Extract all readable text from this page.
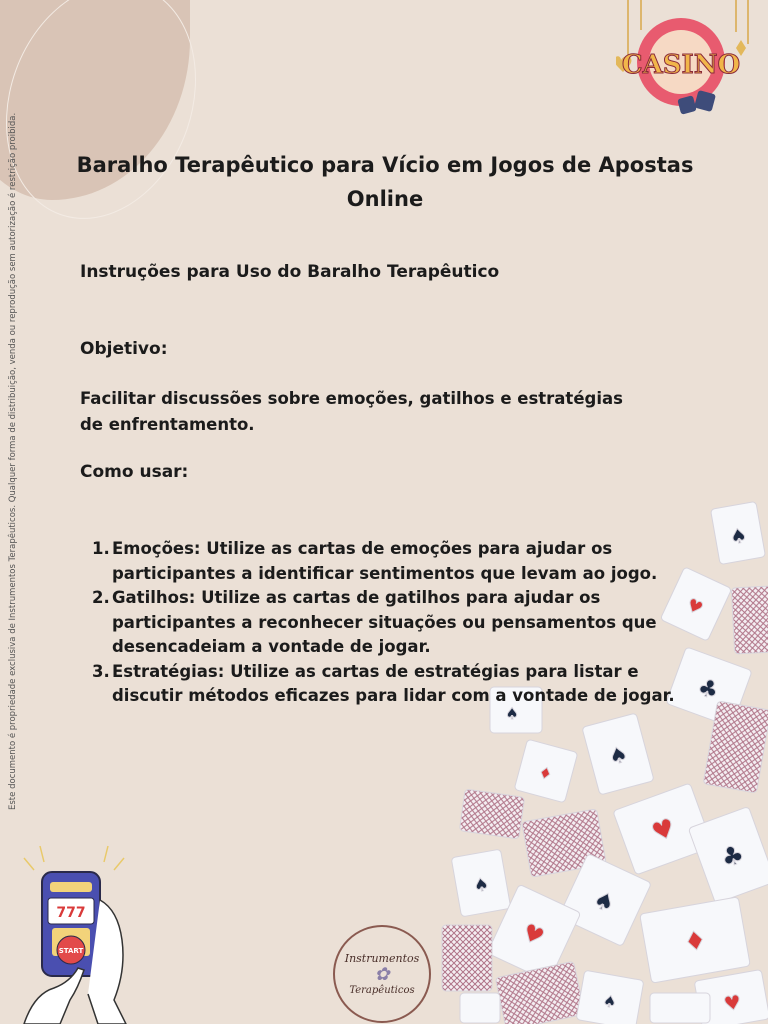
Este documento é propriedade exclusiva de Instrumentos Terapêuticos. Qualquer forma de distribuição, venda ou reprodução sem autorização é restrição proibida.
CASINO
Baralho Terapêutico para Vício em Jogos de Apostas Online
Instruções para Uso do Baralho Terapêutico
Objetivo:
Facilitar discussões sobre emoções, gatilhos e estratégias de enfrentamento.
Como usar:
♠
♥
♣
♠
♠
♦
♥
♣
♠	♠
♥	♦
♠	♥
1. Emoções: Utilize as cartas de emoções para ajudar os participantes a identificar sentimentos que levam ao jogo.
2. Gatilhos: Utilize as cartas de gatilhos para ajudar os participantes a reconhecer situações ou pensamentos que desencadeiam a vontade de jogar.
3. Estratégias: Utilize as cartas de estratégias para listar e discutir métodos eficazes para lidar com a vontade de jogar.
777
START
Instrumentos
✿
Terapêuticos
